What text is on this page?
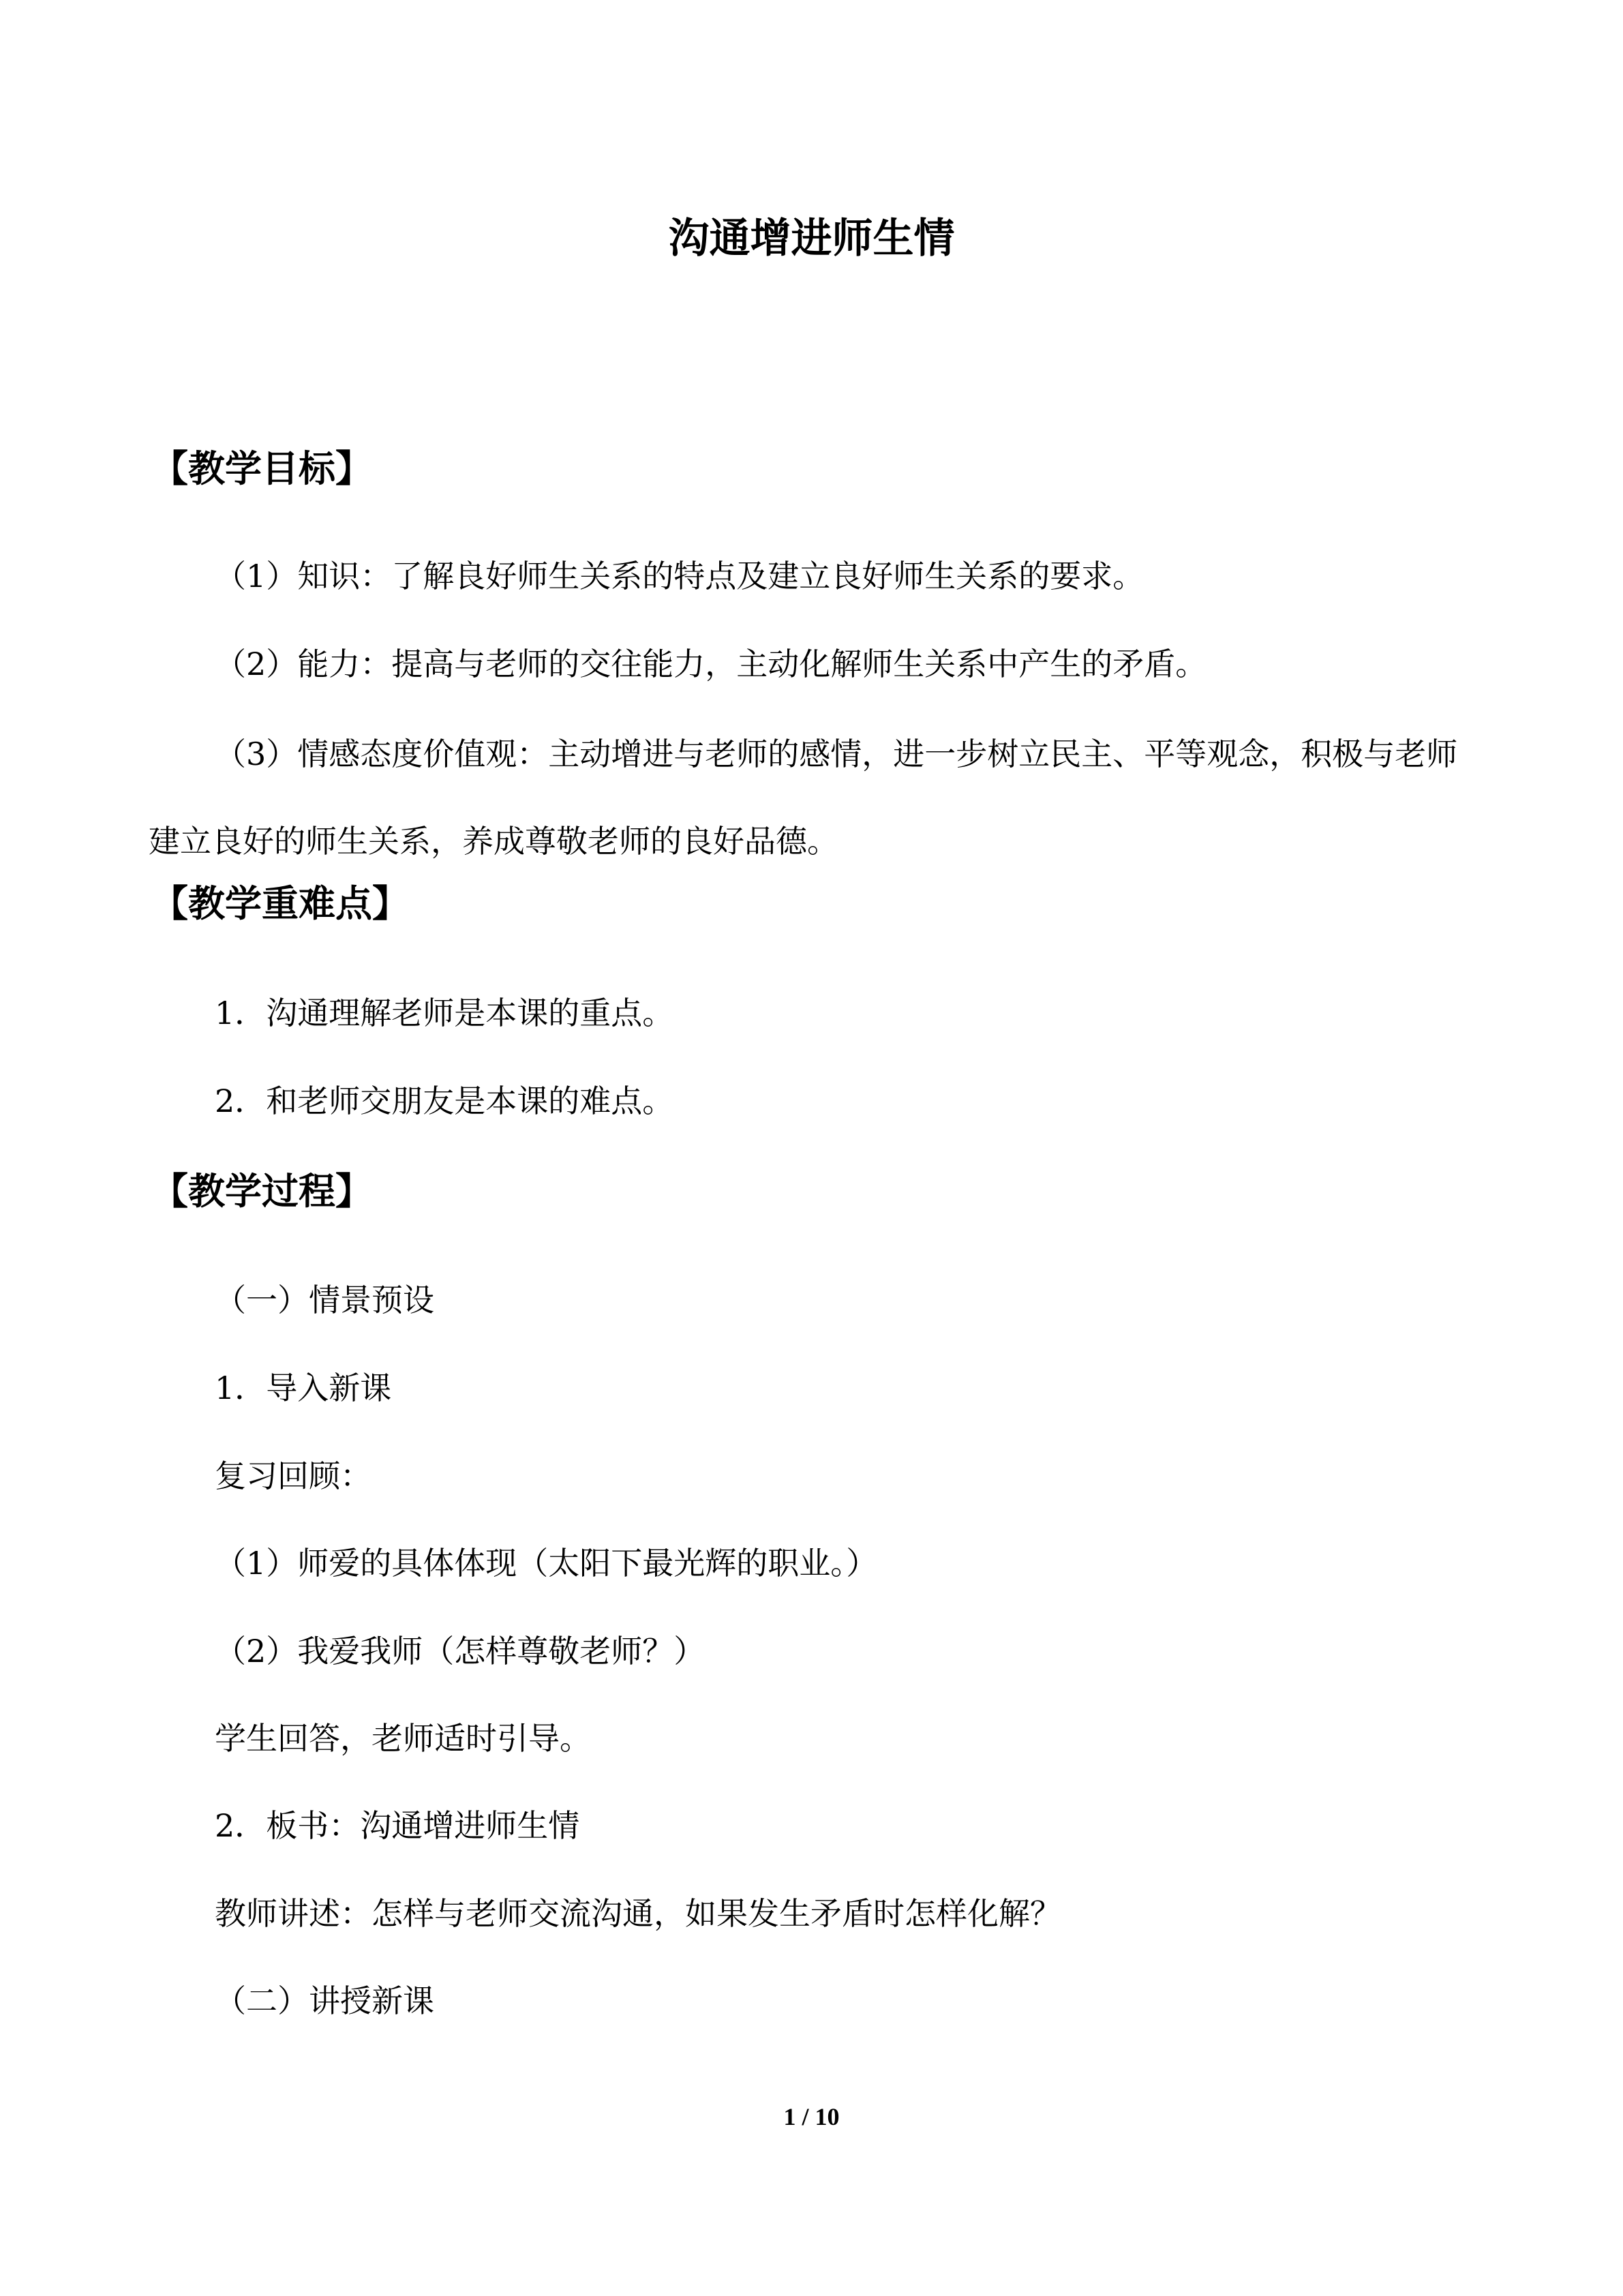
沟通增进师生情
【教学目标】
（1）知识：了解良好师生关系的特点及建立良好师生关系的要求。
（2）能力：提高与老师的交往能力，主动化解师生关系中产生的矛盾。
（3）情感态度价值观：主动增进与老师的感情，进一步树立民主、平等观念，积极与老师建立良好的师生关系，养成尊敬老师的良好品德。
【教学重难点】
1．沟通理解老师是本课的重点。
2．和老师交朋友是本课的难点。
【教学过程】
（一）情景预设
1．导入新课
复习回顾：
（1）师爱的具体体现（太阳下最光辉的职业。）
（2）我爱我师（怎样尊敬老师？）
学生回答，老师适时引导。
2．板书：沟通增进师生情
教师讲述：怎样与老师交流沟通，如果发生矛盾时怎样化解？
（二）讲授新课
1 / 10
